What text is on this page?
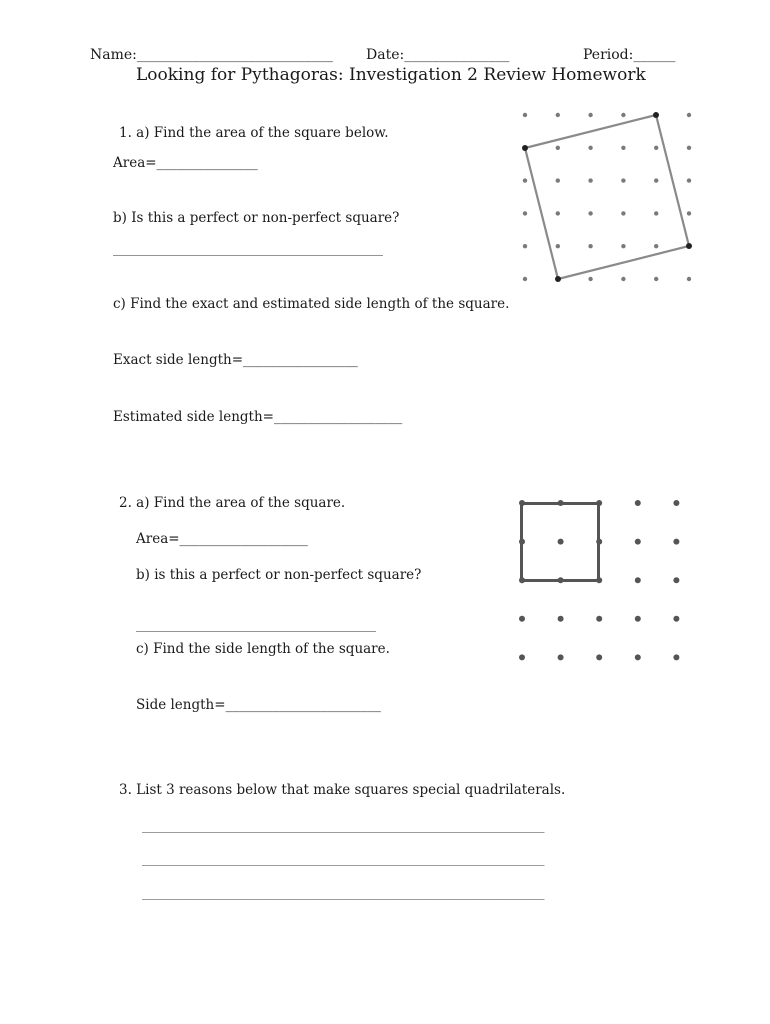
Name:____________________________ Date:_______________	Period:______
Looking for Pythagoras: Investigation 2 Review Homework
1. a) Find the area of the square below.
Area=_______________
b) Is this a perfect or non-perfect square?
_____________________________________________
c) Find the exact and estimated side length of the square.
Exact side length=_________________
Estimated side length=___________________
2. a) Find the area of the square.
Area=___________________
b) is this a perfect or non-perfect square?
________________________________________
c) Find the side length of the square.
Side length=_______________________
3. List 3 reasons below that make squares special quadrilaterals.
______________________________________________________________________
______________________________________________________________________
______________________________________________________________________
